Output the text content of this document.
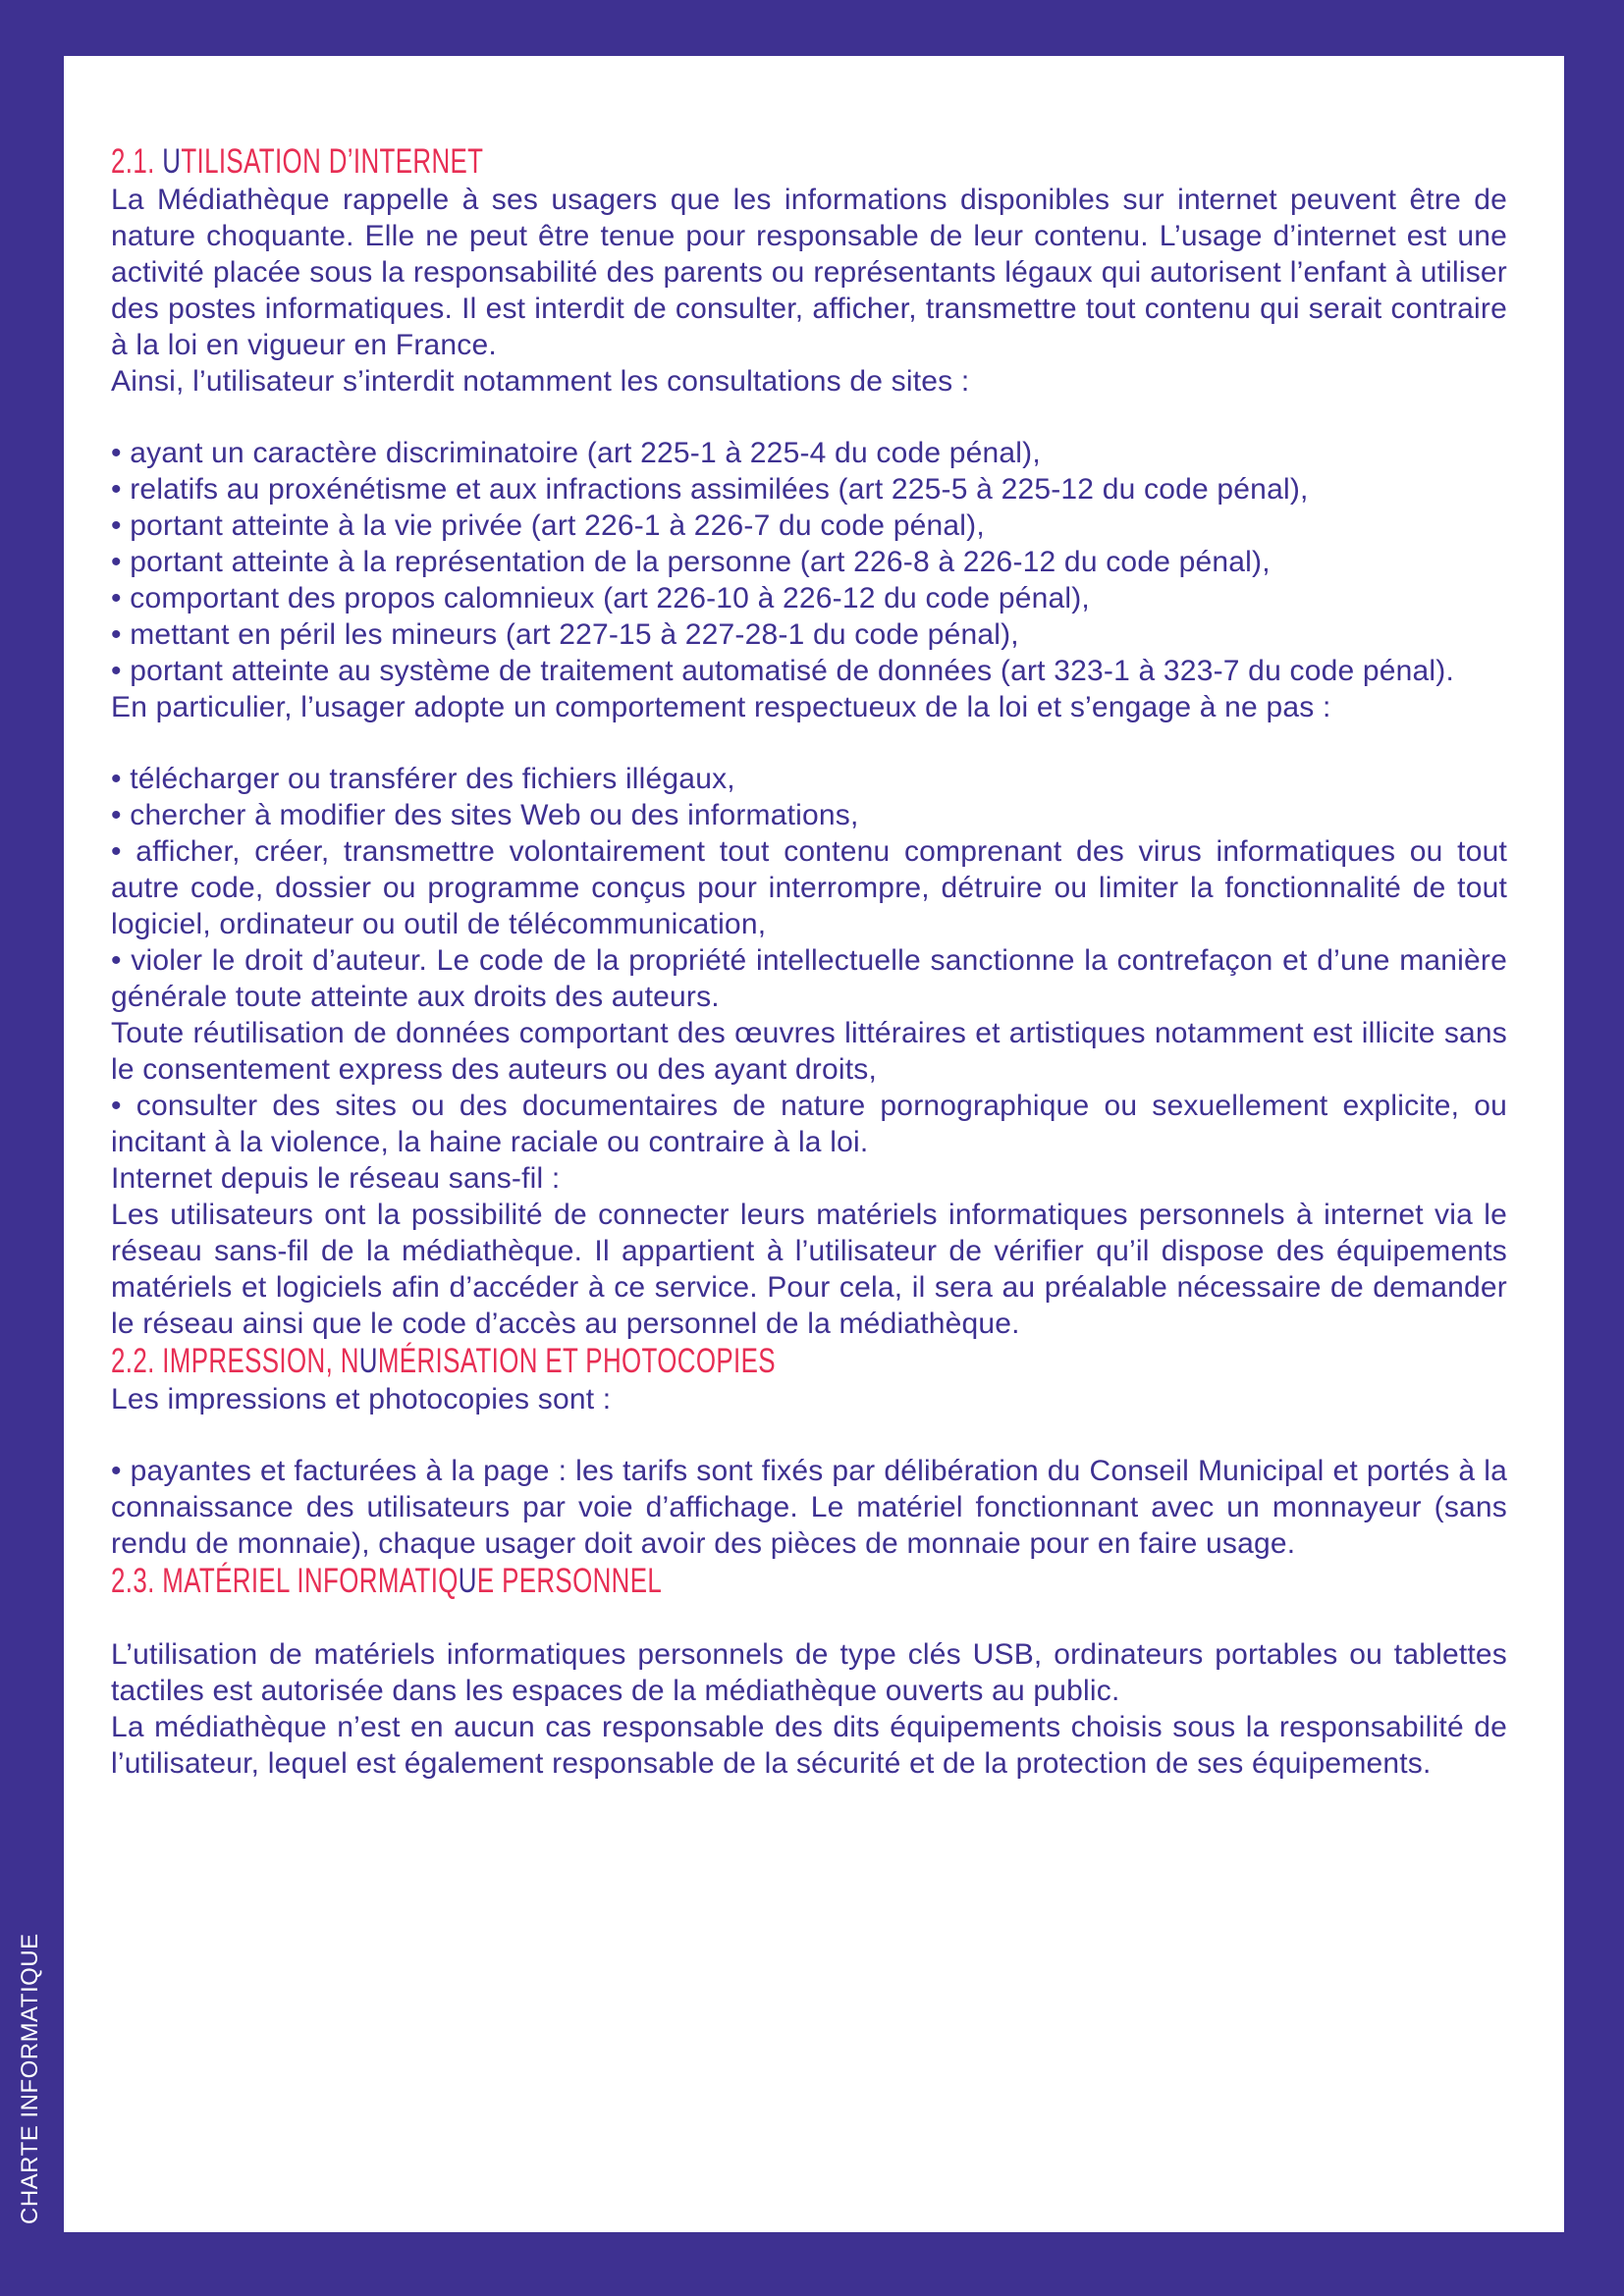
2.1. UTILISATION D’INTERNET

La Médiathèque rappelle à ses usagers que les informations disponibles sur internet peuvent être de nature choquante. Elle ne peut être tenue pour responsable de leur contenu. L’usage d’internet est une activité placée sous la responsabilité des parents ou représentants légaux qui autorisent l’enfant à utiliser des postes informatiques. Il est interdit de consulter, afficher, transmettre tout contenu qui serait contraire à la loi en vigueur en France.

Ainsi, l’utilisateur s’interdit notamment les consultations de sites :

• ayant un caractère discriminatoire (art 225-1 à 225-4 du code pénal),

• relatifs au proxénétisme et aux infractions assimilées (art 225-5 à 225-12 du code pénal),

• portant atteinte à la vie privée (art 226-1 à 226-7 du code pénal),

• portant atteinte à la représentation de la personne (art 226-8 à 226-12 du code pénal),

• comportant des propos calomnieux (art 226-10 à 226-12 du code pénal),

• mettant en péril les mineurs (art 227-15 à 227-28-1 du code pénal),

• portant atteinte au système de traitement automatisé de données (art 323-1 à 323-7 du code pénal).

En particulier, l’usager adopte un comportement respectueux de la loi et s’engage à ne pas :

• télécharger ou transférer des fichiers illégaux,

• chercher à modifier des sites Web ou des informations,

• afficher, créer, transmettre volontairement tout contenu comprenant des virus informatiques ou tout autre code, dossier ou programme conçus pour interrompre, détruire ou limiter la fonctionnalité de tout logiciel, ordinateur ou outil de télécommunication,

• violer le droit d’auteur. Le code de la propriété intellectuelle sanctionne la contrefaçon et d’une manière générale toute atteinte aux droits des auteurs.

Toute réutilisation de données comportant des œuvres littéraires et artistiques notamment est illicite sans le consentement express des auteurs ou des ayant droits,

• consulter des sites ou des documentaires de nature pornographique ou sexuellement explicite, ou incitant à la violence, la haine raciale ou contraire à la loi.

Internet depuis le réseau sans-fil :

Les utilisateurs ont la possibilité de connecter leurs matériels informatiques personnels à internet via le réseau sans-fil de la médiathèque. Il appartient à l’utilisateur de vérifier qu’il dispose des équipements matériels et logiciels afin d’accéder à ce service. Pour cela, il sera au préalable nécessaire de demander le réseau ainsi que le code d’accès au personnel de la médiathèque.

2.2. IMPRESSION, NUMÉRISATION ET PHOTOCOPIES

Les impressions et photocopies sont :

• payantes et facturées à la page : les tarifs sont fixés par délibération du Conseil Municipal et portés à la connaissance des utilisateurs par voie d’affichage. Le matériel fonctionnant avec un monnayeur (sans rendu de monnaie), chaque usager doit avoir des pièces de monnaie pour en faire usage.

2.3. MATÉRIEL INFORMATIQUE PERSONNEL

L’utilisation de matériels informatiques personnels de type clés USB, ordinateurs portables ou tablettes tactiles est autorisée dans les espaces de la médiathèque ouverts au public.

La médiathèque n’est en aucun cas responsable des dits équipements choisis sous la responsabilité de l’utilisateur, lequel est également responsable de la sécurité et de la protection de ses équipements.

CHARTE INFORMATIQUE
